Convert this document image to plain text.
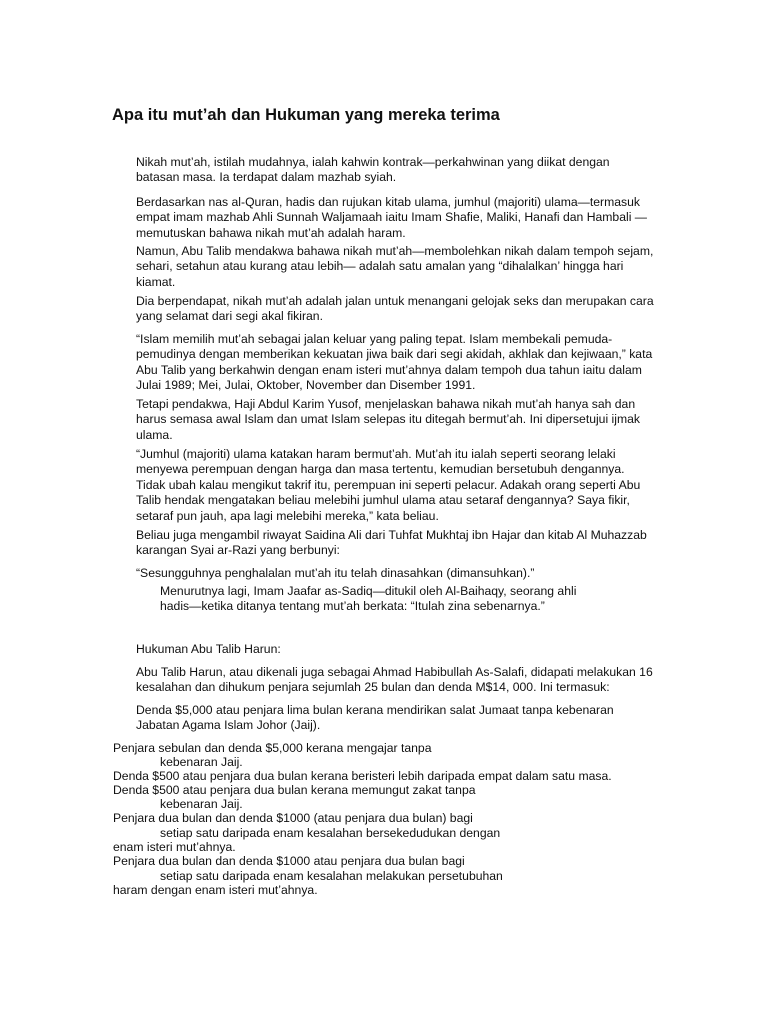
Apa itu mut’ah dan Hukuman yang mereka terima

Nikah mut’ah, istilah mudahnya, ialah kahwin kontrak—perkahwinan yang diikat dengan batasan masa. Ia terdapat dalam mazhab syiah.

Berdasarkan nas al-Quran, hadis dan rujukan kitab ulama, jumhul (majoriti) ulama—termasuk empat imam mazhab Ahli Sunnah Waljamaah iaitu Imam Shafie, Maliki, Hanafi dan Hambali — memutuskan bahawa nikah mut’ah adalah haram.

Namun, Abu Talib mendakwa bahawa nikah mut’ah—membolehkan nikah dalam tempoh sejam, sehari, setahun atau kurang atau lebih— adalah satu amalan yang “dihalalkan’ hingga hari kiamat.

Dia berpendapat, nikah mut’ah adalah jalan untuk menangani gelojak seks dan merupakan cara yang selamat dari segi akal fikiran.

“Islam memilih mut’ah sebagai jalan keluar yang paling tepat. Islam membekali pemuda-pemudinya dengan memberikan kekuatan jiwa baik dari segi akidah, akhlak dan kejiwaan,” kata Abu Talib yang berkahwin dengan enam isteri mut’ahnya dalam tempoh dua tahun iaitu dalam Julai 1989; Mei, Julai, Oktober, November dan Disember 1991.

Tetapi pendakwa, Haji Abdul Karim Yusof, menjelaskan bahawa nikah mut’ah hanya sah dan harus semasa awal Islam dan umat Islam selepas itu ditegah bermut’ah. Ini dipersetujui ijmak ulama.

“Jumhul (majoriti) ulama katakan haram bermut’ah. Mut’ah itu ialah seperti seorang lelaki menyewa perempuan dengan harga dan masa tertentu, kemudian bersetubuh dengannya. Tidak ubah kalau mengikut takrif itu, perempuan ini seperti pelacur. Adakah orang seperti Abu Talib hendak mengatakan beliau melebihi jumhul ulama atau setaraf dengannya? Saya fikir, setaraf pun jauh, apa lagi melebihi mereka,” kata beliau.

Beliau juga mengambil riwayat Saidina Ali dari Tuhfat Mukhtaj ibn Hajar dan kitab Al Muhazzab karangan Syai ar-Razi yang berbunyi:

“Sesungguhnya penghalalan mut’ah itu telah dinasahkan (dimansuhkan).”

Menurutnya lagi, Imam Jaafar as-Sadiq—ditukil oleh Al-Baihaqy, seorang ahli hadis—ketika ditanya tentang mut’ah berkata: “Itulah zina sebenarnya.”

Hukuman Abu Talib Harun:

Abu Talib Harun, atau dikenali juga sebagai Ahmad Habibullah As-Salafi, didapati melakukan 16 kesalahan dan dihukum penjara sejumlah 25 bulan dan denda M$14, 000. Ini termasuk:

Denda $5,000 atau penjara lima bulan kerana mendirikan salat Jumaat tanpa kebenaran Jabatan Agama Islam Johor (Jaij).

Penjara sebulan dan denda $5,000 kerana mengajar tanpa

kebenaran Jaij.

Denda $500 atau penjara dua bulan kerana beristeri lebih daripada empat dalam satu masa.

Denda $500 atau penjara dua bulan kerana memungut zakat tanpa

kebenaran Jaij.

Penjara dua bulan dan denda $1000 (atau penjara dua bulan) bagi

setiap satu daripada enam kesalahan bersekedudukan dengan

enam isteri mut’ahnya.

Penjara dua bulan dan denda $1000 atau penjara dua bulan bagi

setiap satu daripada enam kesalahan melakukan persetubuhan

haram dengan enam isteri mut’ahnya.
